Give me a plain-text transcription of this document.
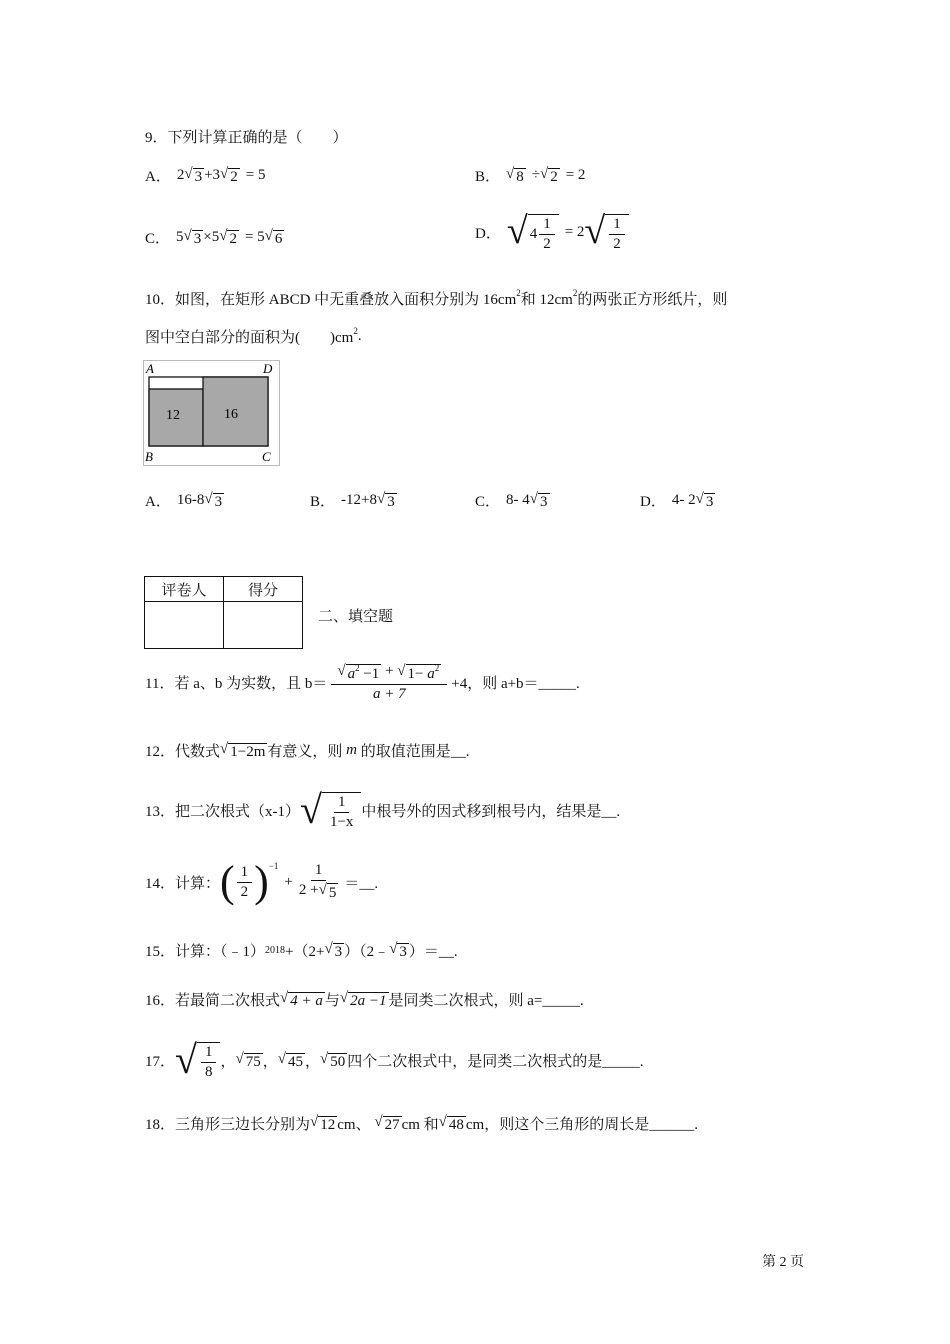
9．下列计算正确的是（　　）
A． 2 √ 3 +3 √ 2 = 5	B． √ 8 ÷ √ 2 = 2
C． 5 √ 3 ×5 √ 2 = 5 √ 6	D． √ $4 \frac{1}{2} = 2$ √ $\frac{1}{2}$
10．如图，在矩形 ABCD 中无重叠放入面积分别为 16cm 2 和 12cm 2 的两张正方形纸片，则
图中空白部分的面积为(　　)cm 2 .
A	D
B	C
12	16
A． 16-8 √ 3	B． -12+8 √ 3	C． 8- 4 √ 3	D． 4- 2 √ 3
评卷人	得分

二、填空题
11．若 a、b 为实数，且 b＝ √ a 2
−1 + √ 1−
a 2
a + 7 +4，则 a+b＝_____.
12．代数式 √ 1−2m 有意义，则
m
的取值范围是__.
13．把二次根式（x-1） √ $\frac{1}{1-x}$ 中根号外的因式移到根号内，结果是__.
14．计算： ( $\frac{1}{2}$ ) −1
+ $\frac{1}{2 + √ 5}$ ＝__.
15．计算：（﹣1） 2018 +（2+ √ 3 ）（2﹣ √ 3 ）＝__.
16．若最简二次根式 √ 4 + a 与 √ 2a −1 是同类二次根式，则 a=_____.
17． √ $\frac{1}{8}$ ， √ 75 ， √ 45 ， √ 50 四个二次根式中，是同类二次根式的是_____.
18．三角形三边长分别为 √ 12 cm、
√ 27 cm 和 √ 48 cm，则这个三角形的周长是______.
第 2 页
